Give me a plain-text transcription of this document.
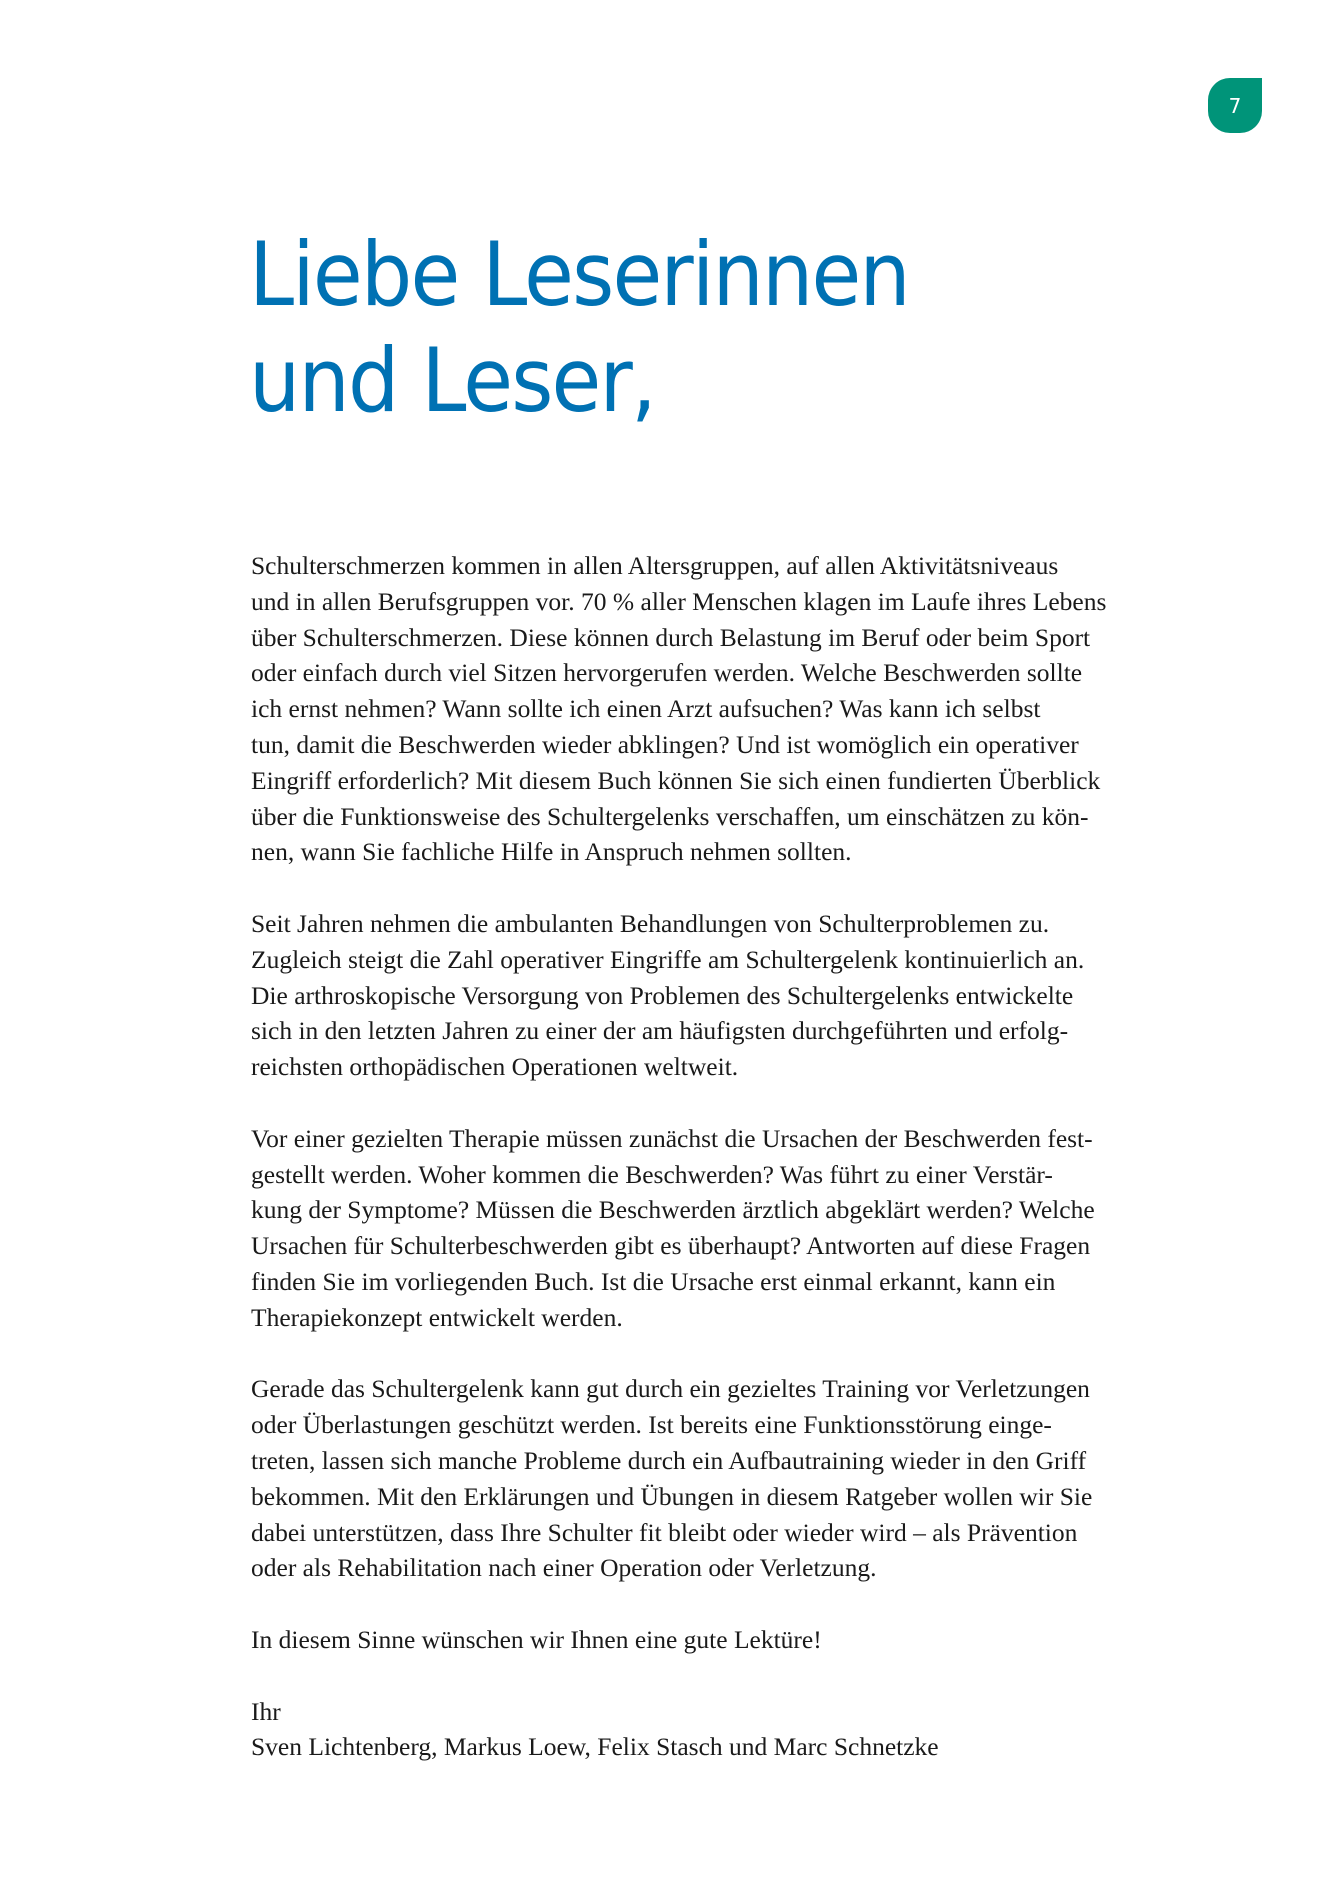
7
Liebe Leserinnen
und Leser,

Schulterschmerzen kommen in allen Altersgruppen, auf allen Aktivitätsniveaus
und in allen Berufsgruppen vor. 70 % aller Menschen klagen im Laufe ihres Lebens
über Schulterschmerzen. Diese können durch Belastung im Beruf oder beim Sport
oder einfach durch viel Sitzen hervorgerufen werden. Welche Beschwerden sollte
ich ernst nehmen? Wann sollte ich einen Arzt aufsuchen? Was kann ich selbst
tun, damit die Beschwerden wieder abklingen? Und ist womöglich ein operativer
Eingriff erforderlich? Mit diesem Buch können Sie sich einen fundierten Überblick
über die Funktionsweise des Schultergelenks verschaffen, um einschätzen zu kön-
nen, wann Sie fachliche Hilfe in Anspruch nehmen sollten.

Seit Jahren nehmen die ambulanten Behandlungen von Schulterproblemen zu.
Zugleich steigt die Zahl operativer Eingriffe am Schultergelenk kontinuierlich an.
Die arthroskopische Versorgung von Problemen des Schultergelenks entwickelte
sich in den letzten Jahren zu einer der am häufigsten durchgeführten und erfolg-
reichsten orthopädischen Operationen weltweit.

Vor einer gezielten Therapie müssen zunächst die Ursachen der Beschwerden fest-
gestellt werden. Woher kommen die Beschwerden? Was führt zu einer Verstär-
kung der Symptome? Müssen die Beschwerden ärztlich abgeklärt werden? Welche
Ursachen für Schulterbeschwerden gibt es überhaupt? Antworten auf diese Fragen
finden Sie im vorliegenden Buch. Ist die Ursache erst einmal erkannt, kann ein
Therapiekonzept entwickelt werden.

Gerade das Schultergelenk kann gut durch ein gezieltes Training vor Verletzungen
oder Überlastungen geschützt werden. Ist bereits eine Funktionsstörung einge-
treten, lassen sich manche Probleme durch ein Aufbautraining wieder in den Griff
bekommen. Mit den Erklärungen und Übungen in diesem Ratgeber wollen wir Sie
dabei unterstützen, dass Ihre Schulter fit bleibt oder wieder wird – als Prävention
oder als Rehabilitation nach einer Operation oder Verletzung.

In diesem Sinne wünschen wir Ihnen eine gute Lektüre!

Ihr
Sven Lichtenberg, Markus Loew, Felix Stasch und Marc Schnetzke
